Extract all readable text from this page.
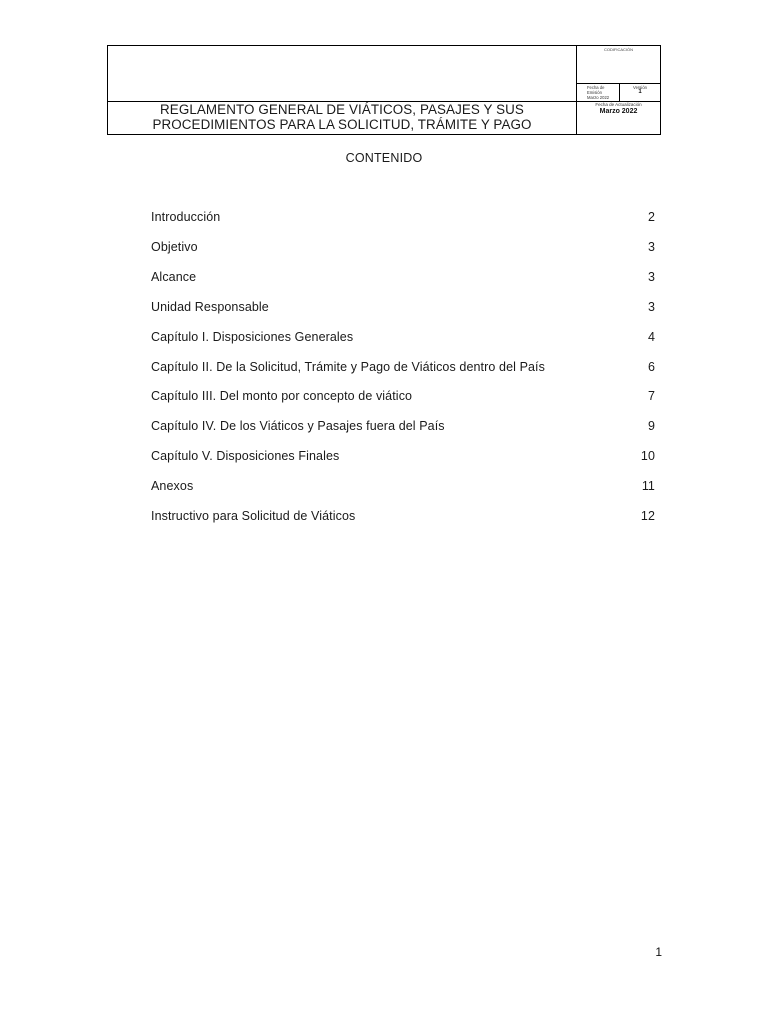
REGLAMENTO GENERAL DE VIÁTICOS, PASAJES Y SUS
PROCEDIMIENTOS PARA LA SOLICITUD, TRÁMITE Y PAGO
CODIFICACIÓN
Fecha de
Emisión
Marzo 2022
Versión
1
Fecha de Actualización
Marzo 2022
CONTENIDO
Introducción	2
Objetivo	3
Alcance	3
Unidad Responsable	3
Capítulo I. Disposiciones Generales	4
Capítulo II. De la Solicitud, Trámite y Pago de Viáticos dentro del País	6
Capítulo III. Del monto por concepto de viático	7
Capítulo IV. De los Viáticos y Pasajes fuera del País	9
Capítulo V. Disposiciones Finales	10
Anexos	11
Instructivo para Solicitud de Viáticos	12
1
